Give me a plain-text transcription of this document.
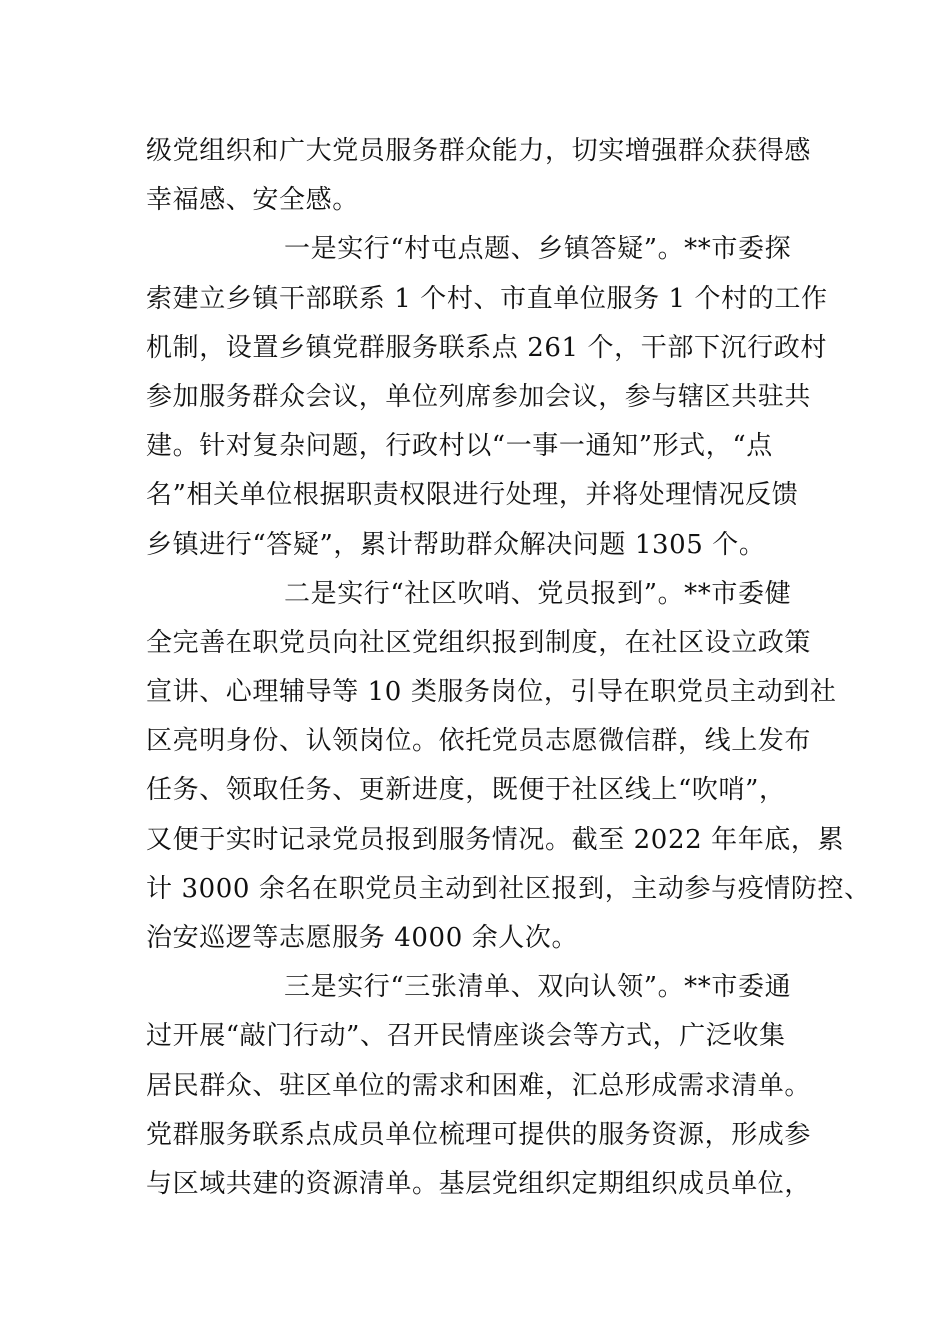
级党组织和广大党员服务群众能力，切实增强群众获得感
幸福感、安全感。
一是实行“村屯点题、乡镇答疑”。**市委探
索建立乡镇干部联系 1 个村、市直单位服务 1 个村的工作
机制，设置乡镇党群服务联系点 261 个，干部下沉行政村
参加服务群众会议，单位列席参加会议，参与辖区共驻共
建。针对复杂问题，行政村以“一事一通知”形式，“点
名”相关单位根据职责权限进行处理，并将处理情况反馈
乡镇进行“答疑”，累计帮助群众解决问题 1305 个。
二是实行“社区吹哨、党员报到”。**市委健
全完善在职党员向社区党组织报到制度，在社区设立政策
宣讲、心理辅导等 10 类服务岗位，引导在职党员主动到社
区亮明身份、认领岗位。依托党员志愿微信群，线上发布
任务、领取任务、更新进度，既便于社区线上“吹哨”，
又便于实时记录党员报到服务情况。截至 2022 年年底，累
计 3000 余名在职党员主动到社区报到，主动参与疫情防控、
治安巡逻等志愿服务 4000 余人次。
三是实行“三张清单、双向认领”。**市委通
过开展“敲门行动”、召开民情座谈会等方式，广泛收集
居民群众、驻区单位的需求和困难，汇总形成需求清单。
党群服务联系点成员单位梳理可提供的服务资源，形成参
与区域共建的资源清单。基层党组织定期组织成员单位，
